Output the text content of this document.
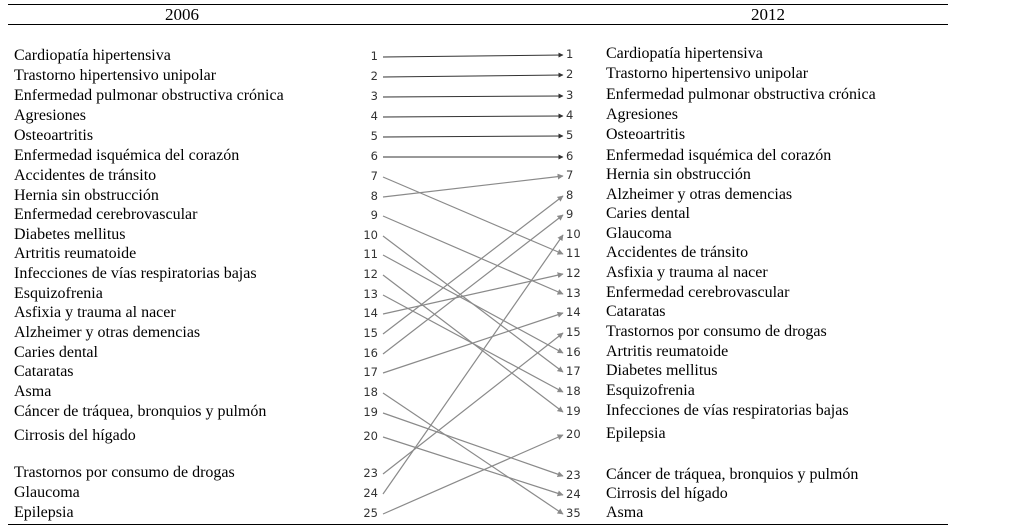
2006	2012
Cardiopatía hipertensiva
Trastorno hipertensivo unipolar
Enfermedad pulmonar obstructiva crónica
Agresiones
Osteoartritis
Enfermedad isquémica del corazón
Accidentes de tránsito
Hernia sin obstrucción
Enfermedad cerebrovascular
Diabetes mellitus
Artritis reumatoide
Infecciones de vías respiratorias bajas
Esquizofrenia
Asfixia y trauma al nacer
Alzheimer y otras demencias
Caries dental
Cataratas
Asma
Cáncer de tráquea, bronquios y pulmón
Cirrosis del hígado
Trastornos por consumo de drogas
Glaucoma
Epilepsia
1
2
3
4
5
6
7
8
9
10
11
12
13
14
15
16
17
18
19
20
23
24
25
1
2
3
4
5
6
7
8
9
10
11
12
13
14
15
16
17
18
19
20
23
24
35
Cardiopatía hipertensiva
Trastorno hipertensivo unipolar
Enfermedad pulmonar obstructiva crónica
Agresiones
Osteoartritis
Enfermedad isquémica del corazón
Hernia sin obstrucción
Alzheimer y otras demencias
Caries dental
Glaucoma
Accidentes de tránsito
Asfixia y trauma al nacer
Enfermedad cerebrovascular
Cataratas
Trastornos por consumo de drogas
Artritis reumatoide
Diabetes mellitus
Esquizofrenia
Infecciones de vías respiratorias bajas
Epilepsia
Cáncer de tráquea, bronquios y pulmón
Cirrosis del hígado
Asma
